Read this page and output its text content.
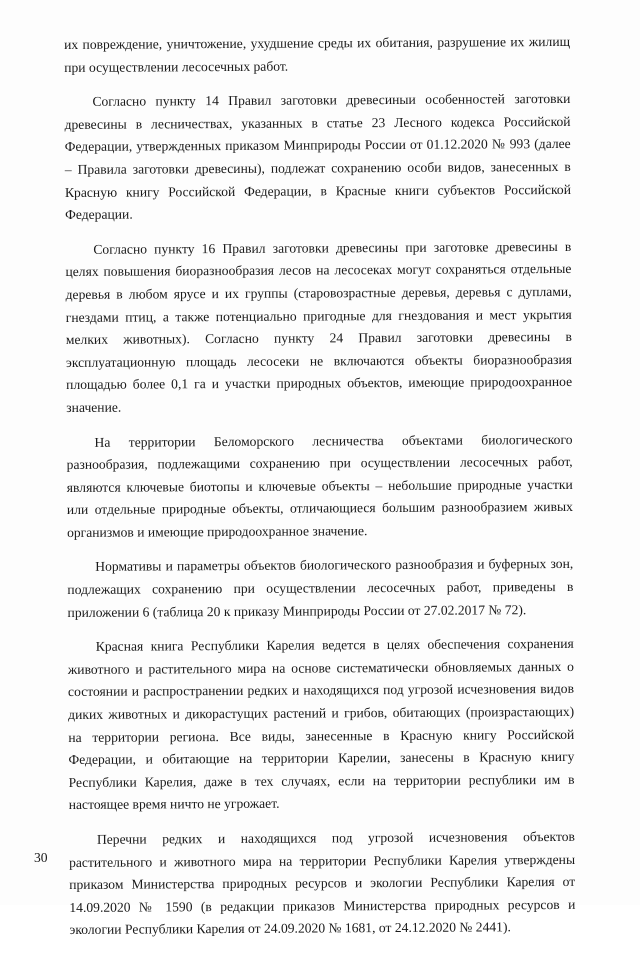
их повреждение, уничтожение, ухудшение среды их обитания, разрушение их жилищ при осуществлении лесосечных работ.

Согласно пункту 14 Правил заготовки древесиныи особенностей заготовки древесины в лесничествах, указанных в статье 23 Лесного кодекса Российской Федерации, утвержденных приказом Минприроды России от 01.12.2020 № 993 (далее – Правила заготовки древесины), подлежат сохранению особи видов, занесенных в Красную книгу Российской Федерации, в Красные книги субъектов Российской Федерации.

Согласно пункту 16 Правил заготовки древесины при заготовке древесины в целях повышения биоразнообразия лесов на лесосеках могут сохраняться отдельные деревья в любом ярусе и их группы (старовозрастные деревья, деревья с дуплами, гнездами птиц, а также потенциально пригодные для гнездования и мест укрытия мелких животных). Согласно пункту 24 Правил заготовки древесины в эксплуатационную площадь лесосеки не включаются объекты биоразнообразия площадью более 0,1 га и участки природных объектов, имеющие природоохранное значение.

На территории Беломорского лесничества объектами биологического разнообразия, подлежащими сохранению при осуществлении лесосечных работ, являются ключевые биотопы и ключевые объекты – небольшие природные участки или отдельные природные объекты, отличающиеся большим разнообразием живых организмов и имеющие природоохранное значение.

Нормативы и параметры объектов биологического разнообразия и буферных зон, подлежащих сохранению при осуществлении лесосечных работ, приведены в приложении 6 (таблица 20 к приказу Минприроды России от 27.02.2017 № 72).

Красная книга Республики Карелия ведется в целях обеспечения сохранения животного и растительного мира на основе систематически обновляемых данных о состоянии и распространении редких и находящихся под угрозой исчезновения видов диких животных и дикорастущих растений и грибов, обитающих (произрастающих) на территории региона. Все виды, занесенные в Красную книгу Российской Федерации, и обитающие на территории Карелии, занесены в Красную книгу Республики Карелия, даже в тех случаях, если на территории республики им в настоящее время ничто не угрожает.

Перечни редких и находящихся под угрозой исчезновения объектов растительного и животного мира на территории Республики Карелия утверждены приказом Министерства природных ресурсов и экологии Республики Карелия от 14.09.2020 № 1590 (в редакции приказов Министерства природных ресурсов и экологии Республики Карелия от 24.09.2020 № 1681, от 24.12.2020 № 2441).

30
